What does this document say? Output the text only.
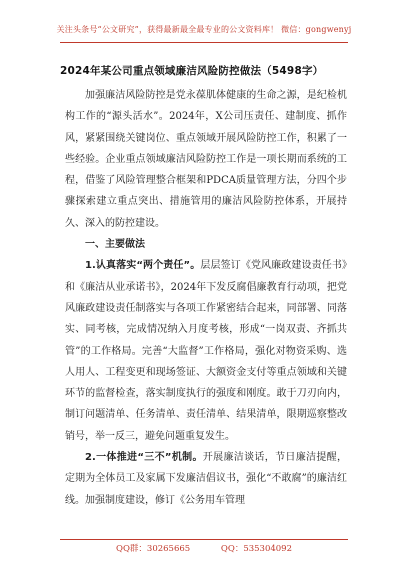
关注头条号“公文研究”，获得最新最全最专业的公文资料库！ 微信：gongwenyj
2024年某公司重点领域廉洁风险防控做法（5498字）

加强廉洁风险防控是党永葆肌体健康的生命之源，是纪检机构工作的“源头活水”。2024年，X公司压责任、建制度、抓作风，紧紧围绕关键岗位、重点领域开展风险防控工作，积累了一些经验。企业重点领域廉洁风险防控工作是一项长期而系统的工程，借鉴了风险管理整合框架和PDCA质量管理方法，分四个步骤探索建立重点突出、措施管用的廉洁风险防控体系，开展持久、深入的防控建设。

一、主要做法

1.认真落实“两个责任”。层层签订《党风廉政建设责任书》和《廉洁从业承诺书》，2024年下发反腐倡廉教育行动项，把党风廉政建设责任制落实与各项工作紧密结合起来，同部署、同落实、同考核，完成情况纳入月度考核，形成“一岗双责、齐抓共管”的工作格局。完善“大监督”工作格局，强化对物资采购、选人用人、工程变更和现场签证、大额资金支付等重点领域和关键环节的监督检查，落实制度执行的强度和刚度。敢于刀刃向内，制订问题清单、任务清单、责任清单、结果清单，限期巡察整改销号，举一反三，避免问题重复发生。

2.一体推进“三不”机制。开展廉洁谈话，节日廉洁提醒，定期为全体员工及家属下发廉洁倡议书，强化“不敢腐”的廉洁红线。加强制度建设，修订《公务用车管理

QQ群：30265665	QQ：535304092
